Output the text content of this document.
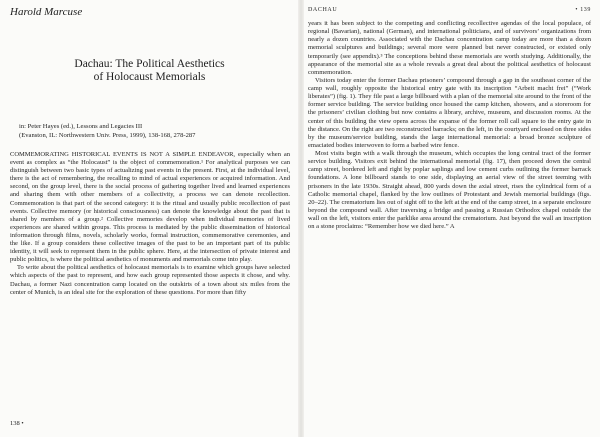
Harold Marcuse
Dachau: The Political Aesthetics
of Holocaust Memorials
in: Peter Hayes (ed.), Lessons and Legacies III
(Evanston, IL: Northwestern Univ. Press, 1999), 138-168, 278-287

COMMEMORATING HISTORICAL EVENTS IS NOT A SIMPLE ENDEAVOR, especially when an event as complex as “the Holocaust” is the object of commemoration.¹ For analytical purposes we can distinguish between two basic types of actualizing past events in the present. First, at the individual level, there is the act of remembering, the recalling to mind of actual experiences or acquired information. And second, on the group level, there is the social process of gathering together lived and learned experiences and sharing them with other members of a collectivity, a process we can denote recollection. Commemoration is that part of the second category: it is the ritual and usually public recollection of past events. Collective memory (or historical consciousness) can denote the knowledge about the past that is shared by members of a group.² Collective memories develop when individual memories of lived experiences are shared within groups. This process is mediated by the public dissemination of historical information through films, novels, scholarly works, formal instruction, commemorative ceremonies, and the like. If a group considers these collective images of the past to be an important part of its public identity, it will seek to represent them in the public sphere. Here, at the intersection of private interest and public politics, is where the political aesthetics of monuments and memorials come into play.

To write about the political aesthetics of holocaust memorials is to examine which groups have selected which aspects of the past to represent, and how each group represented those aspects it chose, and why. Dachau, a former Nazi concentration camp located on the outskirts of a town about six miles from the center of Munich, is an ideal site for the exploration of these questions. For more than fifty

138 •
DACHAU	• 139

years it has been subject to the competing and conflicting recollective agendas of the local populace, of regional (Bavarian), national (German), and international politicians, and of survivors’ organizations from nearly a dozen countries. Associated with the Dachau concentration camp today are more than a dozen memorial sculptures and buildings; several more were planned but never constructed, or existed only temporarily (see appendix).³ The conceptions behind these memorials are worth studying. Additionally, the appearance of the memorial site as a whole reveals a great deal about the political aesthetics of holocaust commemoration.

Visitors today enter the former Dachau prisoners’ compound through a gap in the southeast corner of the camp wall, roughly opposite the historical entry gate with its inscription “Arbeit macht frei” (“Work liberates”) (fig. 1). They file past a large billboard with a plan of the memorial site around to the front of the former service building. The service building once housed the camp kitchen, showers, and a storeroom for the prisoners’ civilian clothing but now contains a library, archive, museum, and discussion rooms. At the center of this building the view opens across the expanse of the former roll call square to the entry gate in the distance. On the right are two reconstructed barracks; on the left, in the courtyard enclosed on three sides by the museum/service building, stands the large international memorial: a broad bronze sculpture of emaciated bodies interwoven to form a barbed wire fence.

Most visits begin with a walk through the museum, which occupies the long central tract of the former service building. Visitors exit behind the international memorial (fig. 17), then proceed down the central camp street, bordered left and right by poplar saplings and low cement curbs outlining the former barrack foundations. A lone billboard stands to one side, displaying an aerial view of the street teeming with prisoners in the late 1930s. Straight ahead, 800 yards down the axial street, rises the cylindrical form of a Catholic memorial chapel, flanked by the low outlines of Protestant and Jewish memorial buildings (figs. 20–22). The crematorium lies out of sight off to the left at the end of the camp street, in a separate enclosure beyond the compound wall. After traversing a bridge and passing a Russian Orthodox chapel outside the wall on the left, visitors enter the parklike area around the crematorium. Just beyond the wall an inscription on a stone proclaims: “Remember how we died here.” A
